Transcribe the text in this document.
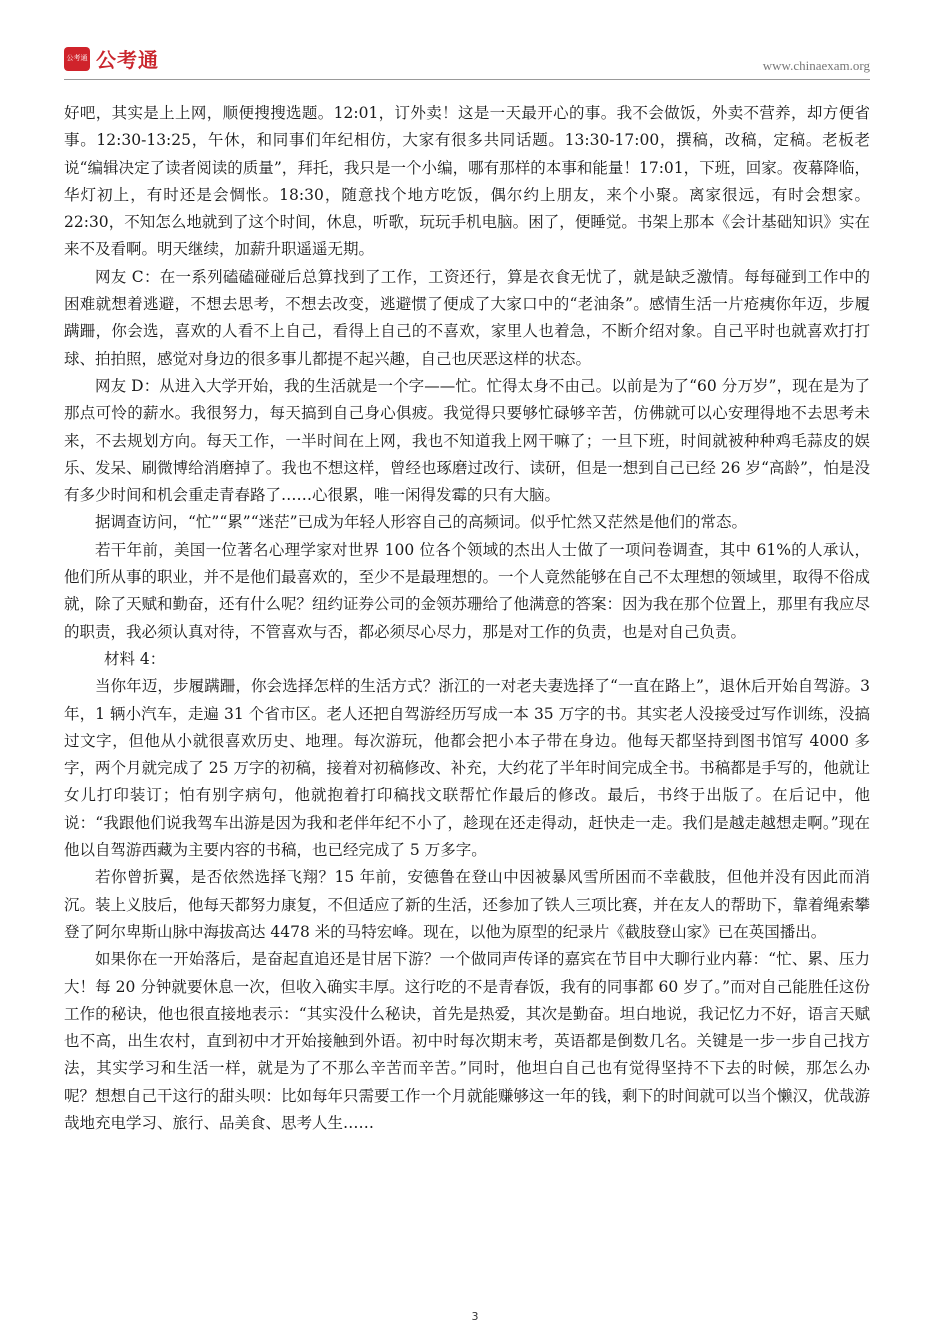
公考通 公考通	www.chinaexam.org

好吧，其实是上上网，顺便搜搜选题。12:01，订外卖！这是一天最开心的事。我不会做饭，外卖不营养，却方便省事。12:30-13:25，午休，和同事们年纪相仿，大家有很多共同话题。13:30-17:00，撰稿，改稿，定稿。老板老说“编辑决定了读者阅读的质量”，拜托，我只是一个小编，哪有那样的本事和能量！17:01，下班，回家。夜幕降临，华灯初上，有时还是会惆怅。18:30，随意找个地方吃饭，偶尔约上朋友，来个小聚。离家很远，有时会想家。22:30，不知怎么地就到了这个时间，休息，听歌，玩玩手机电脑。困了，便睡觉。书架上那本《会计基础知识》实在来不及看啊。明天继续，加薪升职遥遥无期。

网友 C：在一系列磕磕碰碰后总算找到了工作，工资还行，算是衣食无忧了，就是缺乏激情。每每碰到工作中的困难就想着逃避，不想去思考，不想去改变，逃避惯了便成了大家口中的“老油条”。感情生活一片疮痍你年迈，步履蹒跚，你会选，喜欢的人看不上自己，看得上自己的不喜欢，家里人也着急，不断介绍对象。自己平时也就喜欢打打球、拍拍照，感觉对身边的很多事儿都提不起兴趣，自己也厌恶这样的状态。

网友 D：从进入大学开始，我的生活就是一个字——忙。忙得太身不由己。以前是为了“60 分万岁”，现在是为了那点可怜的薪水。我很努力，每天搞到自己身心俱疲。我觉得只要够忙碌够辛苦，仿佛就可以心安理得地不去思考未来，不去规划方向。每天工作，一半时间在上网，我也不知道我上网干嘛了；一旦下班，时间就被种种鸡毛蒜皮的娱乐、发呆、刷微博给消磨掉了。我也不想这样，曾经也琢磨过改行、读研，但是一想到自己已经 26 岁“高龄”，怕是没有多少时间和机会重走青春路了……心很累，唯一闲得发霉的只有大脑。

据调查访问，“忙”“累”“迷茫”已成为年轻人形容自己的高频词。似乎忙然又茫然是他们的常态。

若干年前，美国一位著名心理学家对世界 100 位各个领域的杰出人士做了一项问卷调查，其中 61%的人承认，他们所从事的职业，并不是他们最喜欢的，至少不是最理想的。一个人竟然能够在自己不太理想的领域里，取得不俗成就，除了天赋和勤奋，还有什么呢？纽约证券公司的金领苏珊给了他满意的答案：因为我在那个位置上，那里有我应尽的职责，我必须认真对待，不管喜欢与否，都必须尽心尽力，那是对工作的负责，也是对自己负责。

材料 4：

当你年迈，步履蹒跚，你会选择怎样的生活方式？浙江的一对老夫妻选择了“一直在路上”，退休后开始自驾游。3 年，1 辆小汽车，走遍 31 个省市区。老人还把自驾游经历写成一本 35 万字的书。其实老人没接受过写作训练，没搞过文字，但他从小就很喜欢历史、地理。每次游玩，他都会把小本子带在身边。他每天都坚持到图书馆写 4000 多字，两个月就完成了 25 万字的初稿，接着对初稿修改、补充，大约花了半年时间完成全书。书稿都是手写的，他就让女儿打印装订；怕有别字病句，他就抱着打印稿找文联帮忙作最后的修改。最后，书终于出版了。在后记中，他说：“我跟他们说我驾车出游是因为我和老伴年纪不小了，趁现在还走得动，赶快走一走。我们是越走越想走啊。”现在他以自驾游西藏为主要内容的书稿，也已经完成了 5 万多字。

若你曾折翼，是否依然选择飞翔？15 年前，安德鲁在登山中因被暴风雪所困而不幸截肢，但他并没有因此而消沉。装上义肢后，他每天都努力康复，不但适应了新的生活，还参加了铁人三项比赛，并在友人的帮助下，靠着绳索攀登了阿尔卑斯山脉中海拔高达 4478 米的马特宏峰。现在，以他为原型的纪录片《截肢登山家》已在英国播出。

如果你在一开始落后，是奋起直追还是甘居下游？一个做同声传译的嘉宾在节目中大聊行业内幕：“忙、累、压力大！每 20 分钟就要休息一次，但收入确实丰厚。这行吃的不是青春饭，我有的同事都 60 岁了。”而对自己能胜任这份工作的秘诀，他也很直接地表示：“其实没什么秘诀，首先是热爱，其次是勤奋。坦白地说，我记忆力不好，语言天赋也不高，出生农村，直到初中才开始接触到外语。初中时每次期末考，英语都是倒数几名。关键是一步一步自己找方法，其实学习和生活一样，就是为了不那么辛苦而辛苦。”同时，他坦白自己也有觉得坚持不下去的时候，那怎么办呢？想想自己干这行的甜头呗：比如每年只需要工作一个月就能赚够这一年的钱，剩下的时间就可以当个懒汉，优哉游哉地充电学习、旅行、品美食、思考人生……

3
